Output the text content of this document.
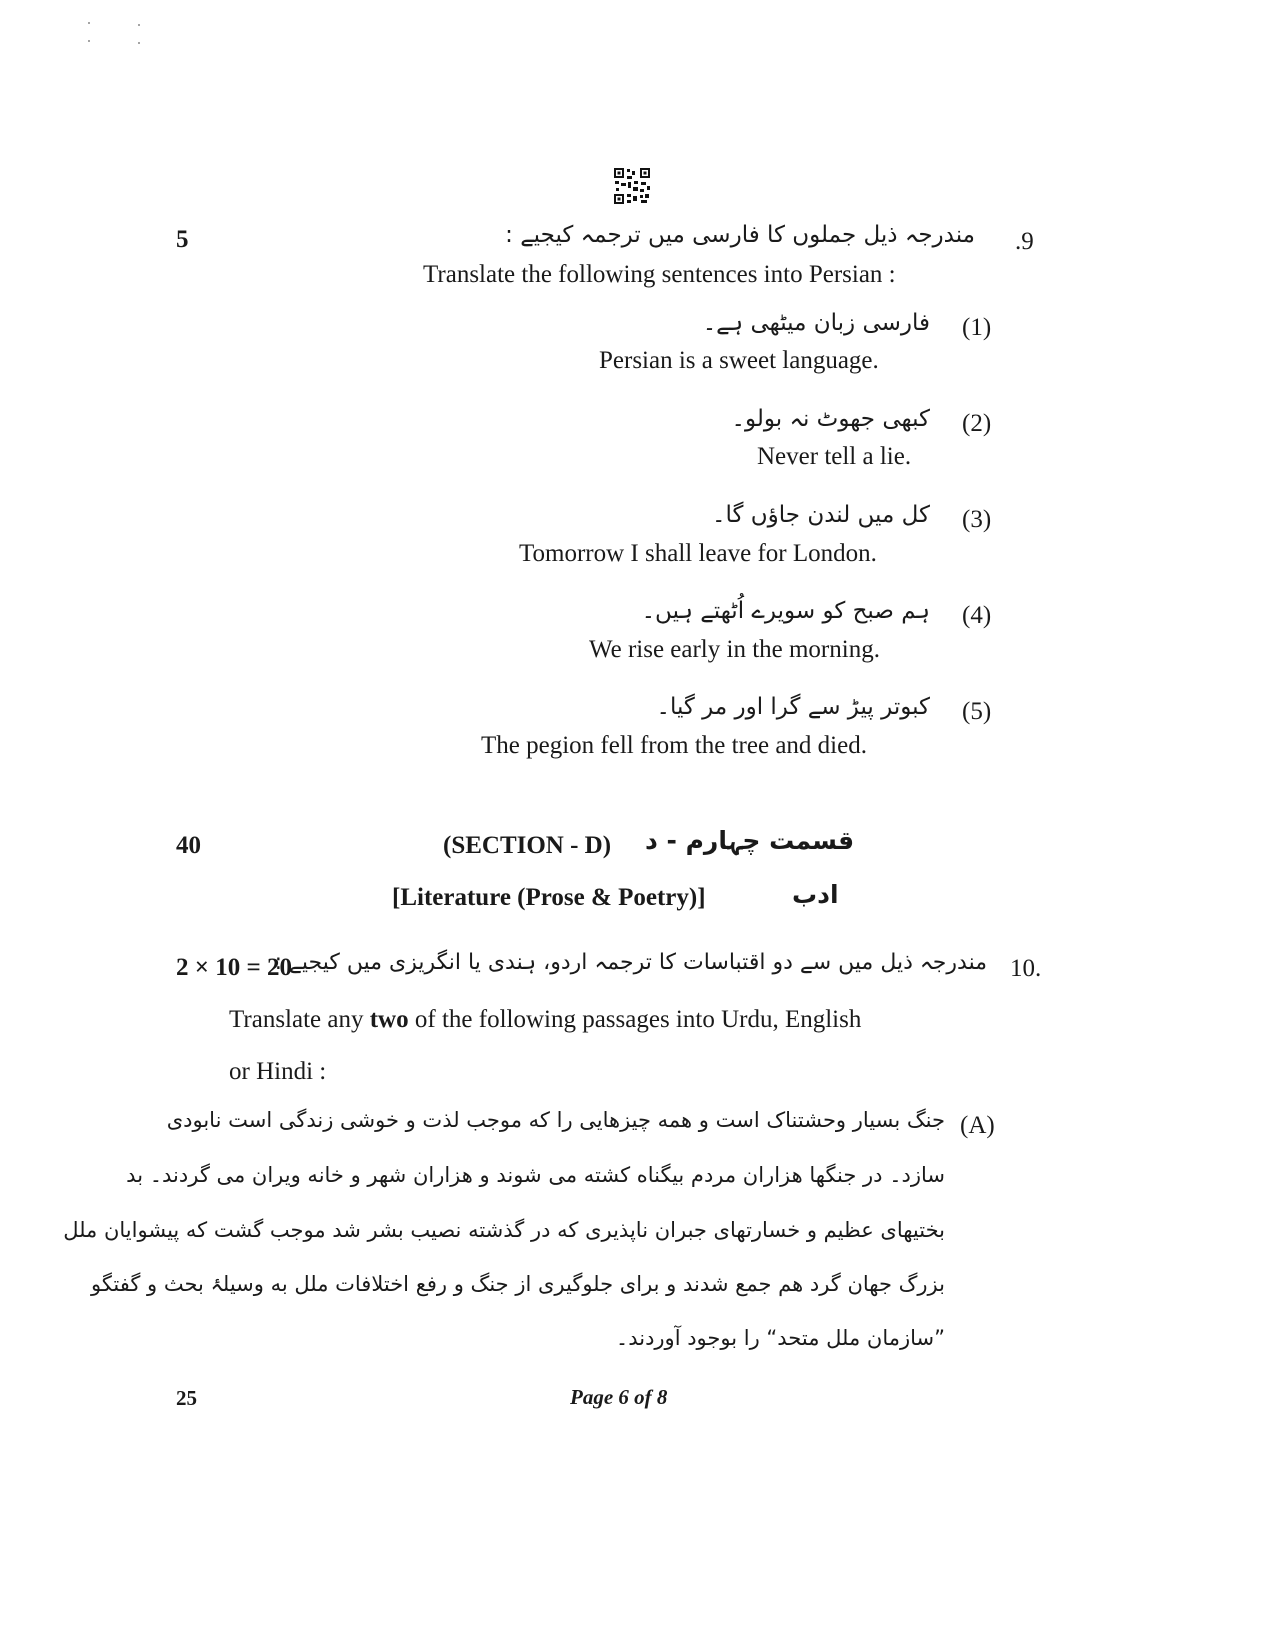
5	.9
مندرجہ ذیل جملوں کا فارسی میں ترجمہ کیجیے :
Translate the following sentences into Persian :
(1)
فارسی زبان میٹھی ہے۔
Persian is a sweet language.
(2)
کبھی جھوٹ نہ بولو۔
Never tell a lie.
(3)
کل میں لندن جاؤں گا۔
Tomorrow I shall leave for London.
(4)
ہم صبح کو سویرے اُٹھتے ہیں۔
We rise early in the morning.
(5)
کبوتر پیڑ سے گرا اور مر گیا۔
The pegion fell from the tree and died.
40	(SECTION - D) قسمت چہارم - د
[Literature (Prose & Poetry)]	ادب
2 × 10 = 20	10.
مندرجہ ذیل میں سے دو اقتباسات کا ترجمہ اردو، ہندی یا انگریزی میں کیجیے :
Translate any two of the following passages into Urdu, English
or Hindi :
(A)
جنگ بسیار وحشتناک است و همه چیزهایی را که موجب لذت و خوشی زندگی است نابودی
سازد۔ در جنگها هزاران مردم بیگناه کشته می شوند و هزاران شهر و خانه ویران می گردند۔ بد
بختیهای عظیم و خسارتهای جبران ناپذیری که در گذشته نصیب بشر شد موجب گشت که پیشوایان ملل
بزرگ جهان گرد هم جمع شدند و برای جلوگیری از جنگ و رفع اختلافات ملل به وسیلۂ بحث و گفتگو
”سازمان ملل متحد“ را بوجود آوردند۔
25	Page 6 of 8
